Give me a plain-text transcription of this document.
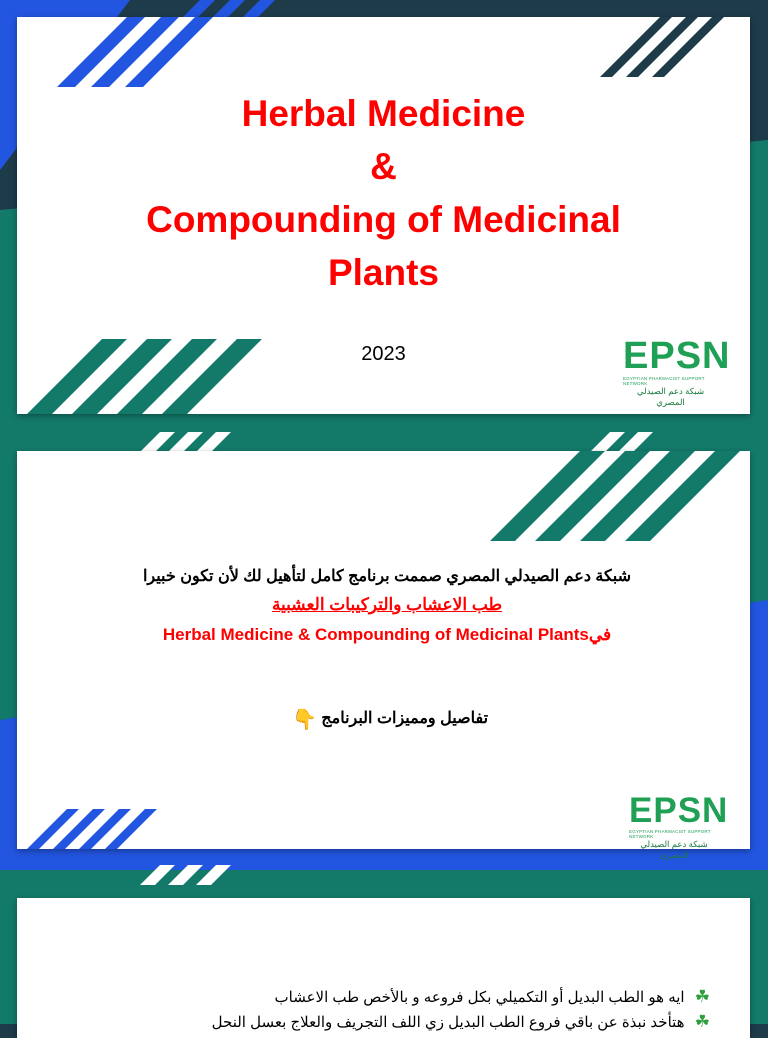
Herbal Medicine
&
Compounding of Medicinal
Plants
2023	EPSN
EGYPTIAN PHARMACIST SUPPORT NETWORK
شبكة دعم الصيدلي المصري

شبكة دعم الصيدلي المصري صممت برنامج كامل لتأهيل لك لأن تكون خبيرا

طب الاعشاب والتركيبات العشبية

فيHerbal Medicine & Compounding of Medicinal Plants

تفاصيل ومميزات البرنامج 👇
EPSN
EGYPTIAN PHARMACIST SUPPORT NETWORK
شبكة دعم الصيدلي المصري
☘ ايه هو الطب البديل أو التكميلي بكل فروعه و بالأخص طب الاعشاب
☘ هتأخد نبذة عن باقي فروع الطب البديل زي اللف التجريف والعلاج بعسل النحل
